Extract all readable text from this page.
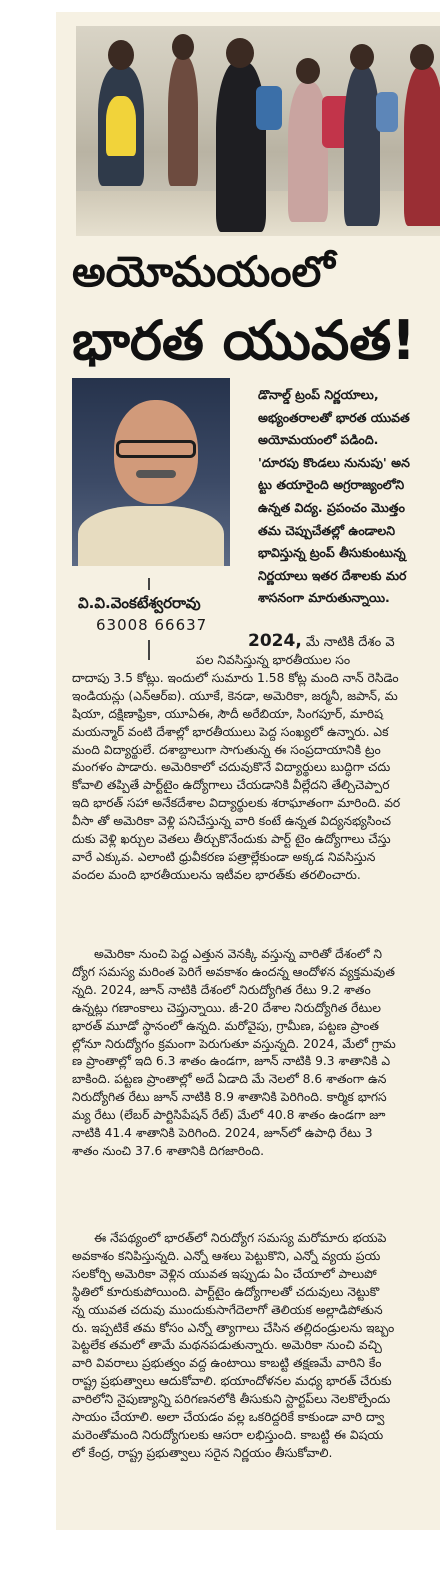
అయోమయంలో
భారత యువత!
వి.వి.వెంకటేశ్వరరావు
63008 66637
డొనాల్డ్ ట్రంప్ నిర్ణయాలు,
అభ్యంతరాలతో భారత యువత
అయోమయంలో పడింది.
'దూరపు కొండలు నునుపు' అన
ట్టు తయారైంది అగ్రరాజ్యంలోని
ఉన్నత విద్య. ప్రపంచం మొత్తం
తమ చెప్పుచేతల్లో ఉండాలని
భావిస్తున్న ట్రంప్ తీసుకుంటున్న
నిర్ణయాలు ఇతర దేశాలకు మర
శాసనంగా మారుతున్నాయి.
2024, మే నాటికి దేశం వె
పల నివసిస్తున్న భారతీయుల సం
దాదాపు 3.5 కోట్లు. ఇందులో సుమారు 1.58 కోట్ల మంది నాన్ రెసిడెం
ఇండియన్లు (ఎన్ఆర్ఐ). యూకే, కెనడా, అమెరికా, జర్మనీ, జపాన్, మ
షియా, దక్షిణాఫ్రికా, యూఏఈ, సౌదీ అరేబియా, సింగపూర్, మారిష
మయన్మార్ వంటి దేశాల్లో భారతీయులు పెద్ద సంఖ్యలో ఉన్నారు. ఎక
మంది విద్యార్థులే. దశాబ్దాలుగా సాగుతున్న ఈ సంప్రదాయానికి ట్రం
మంగళం పాడారు. అమెరికాలో చదువుకొనే విద్యార్థులు బుద్ధిగా చదు
కోవాలి తప్పితే పార్ట్‌టైం ఉద్యోగాలు చేయడానికి వీల్లేదని తేల్చిచెప్పార
ఇది భారత్ సహా అనేకదేశాల విద్యార్థులకు శరాఘాతంగా మారింది. వర
వీసా తో అమెరికా వెళ్లి పనిచేస్తున్న వారి కంటే ఉన్నత విద్యనభ్యసించ
దుకు వెళ్లి ఖర్చుల వెతలు తీర్చుకొనేందుకు పార్ట్ టైం ఉద్యోగాలు చేస్తు
వారే ఎక్కువ. ఎలాంటి ధ్రువీకరణ పత్రాల్లేకుండా అక్కడ నివసిస్తున
వందల మంది భారతీయులను ఇటీవల భారత్‌కు తరలించారు.
అమెరికా నుంచి పెద్ద ఎత్తున వెనక్కి వస్తున్న వారితో దేశంలో ని
ద్యోగ సమస్య మరింత పెరిగే అవకాశం ఉందన్న ఆందోళన వ్యక్తమవుత
న్నది. 2024, జూన్ నాటికి దేశంలో నిరుద్యోగిత రేటు 9.2 శాతం
ఉన్నట్లు గణాంకాలు చెప్తున్నాయి. జీ-20 దేశాల నిరుద్యోగిత రేటుల
భారత్ మూడో స్థానంలో ఉన్నది. మరోవైపు, గ్రామీణ, పట్టణ ప్రాంత
ల్లోనూ నిరుద్యోగం క్రమంగా పెరుగుతూ వస్తున్నది. 2024, మేలో గ్రామ
ణ ప్రాంతాల్లో ఇది 6.3 శాతం ఉండగా, జూన్ నాటికి 9.3 శాతానికి ఎ
బాకింది. పట్టణ ప్రాంతాల్లో అదే ఏడాది మే నెలలో 8.6 శాతంగా ఉన
నిరుద్యోగిత రేటు జూన్ నాటికి 8.9 శాతానికి పెరిగింది. కార్మిక భాగస
మ్య రేటు (లేబర్ పార్టిసిపేషన్ రేట్) మేలో 40.8 శాతం ఉండగా జూ
నాటికి 41.4 శాతానికి పెరిగింది. 2024, జూన్‌లో ఉపాధి రేటు 3
శాతం నుంచి 37.6 శాతానికి దిగజారింది.
ఈ నేపథ్యంలో భారత్‌లో నిరుద్యోగ సమస్య మరోమారు భయపె
అవకాశం కనిపిస్తున్నది. ఎన్నో ఆశలు పెట్టుకొని, ఎన్నో వ్యయ ప్రయ
సలకోర్చి అమెరికా వెళ్లిన యువత ఇప్పుడు ఏం చేయాలో పాలుపో
స్థితిలో కూరుకుపోయింది. పార్ట్‌టైం ఉద్యోగాలతో చదువులు నెట్టుకొ
న్న యువత చదువు ముందుకుసాగేదెలాగో తెలియక అల్లాడిపోతున
రు. ఇప్పటికే తమ కోసం ఎన్నో త్యాగాలు చేసిన తల్లిదండ్రులను ఇబ్బం
పెట్టలేక తమలో తామే మథనపడుతున్నారు. అమెరికా నుంచి వచ్చి
వారి వివరాలు ప్రభుత్వం వద్ద ఉంటాయి కాబట్టి తక్షణమే వారిని కేం
రాష్ట్ర ప్రభుత్వాలు ఆదుకోవాలి. భయాందోళనల మధ్య భారత్ చేరుకు
వారిలోని నైపుణ్యాన్ని పరిగణనలోకి తీసుకుని స్టార్టప్‌లు నెలకొల్పేందు
సాయం చేయాలి. అలా చేయడం వల్ల ఒకరిద్దరికే కాకుండా వారి ద్వా
మరెంతోమంది నిరుద్యోగులకు ఆసరా లభిస్తుంది. కాబట్టి ఈ విషయ
లో కేంద్ర, రాష్ట్ర ప్రభుత్వాలు సరైన నిర్ణయం తీసుకోవాలి.
